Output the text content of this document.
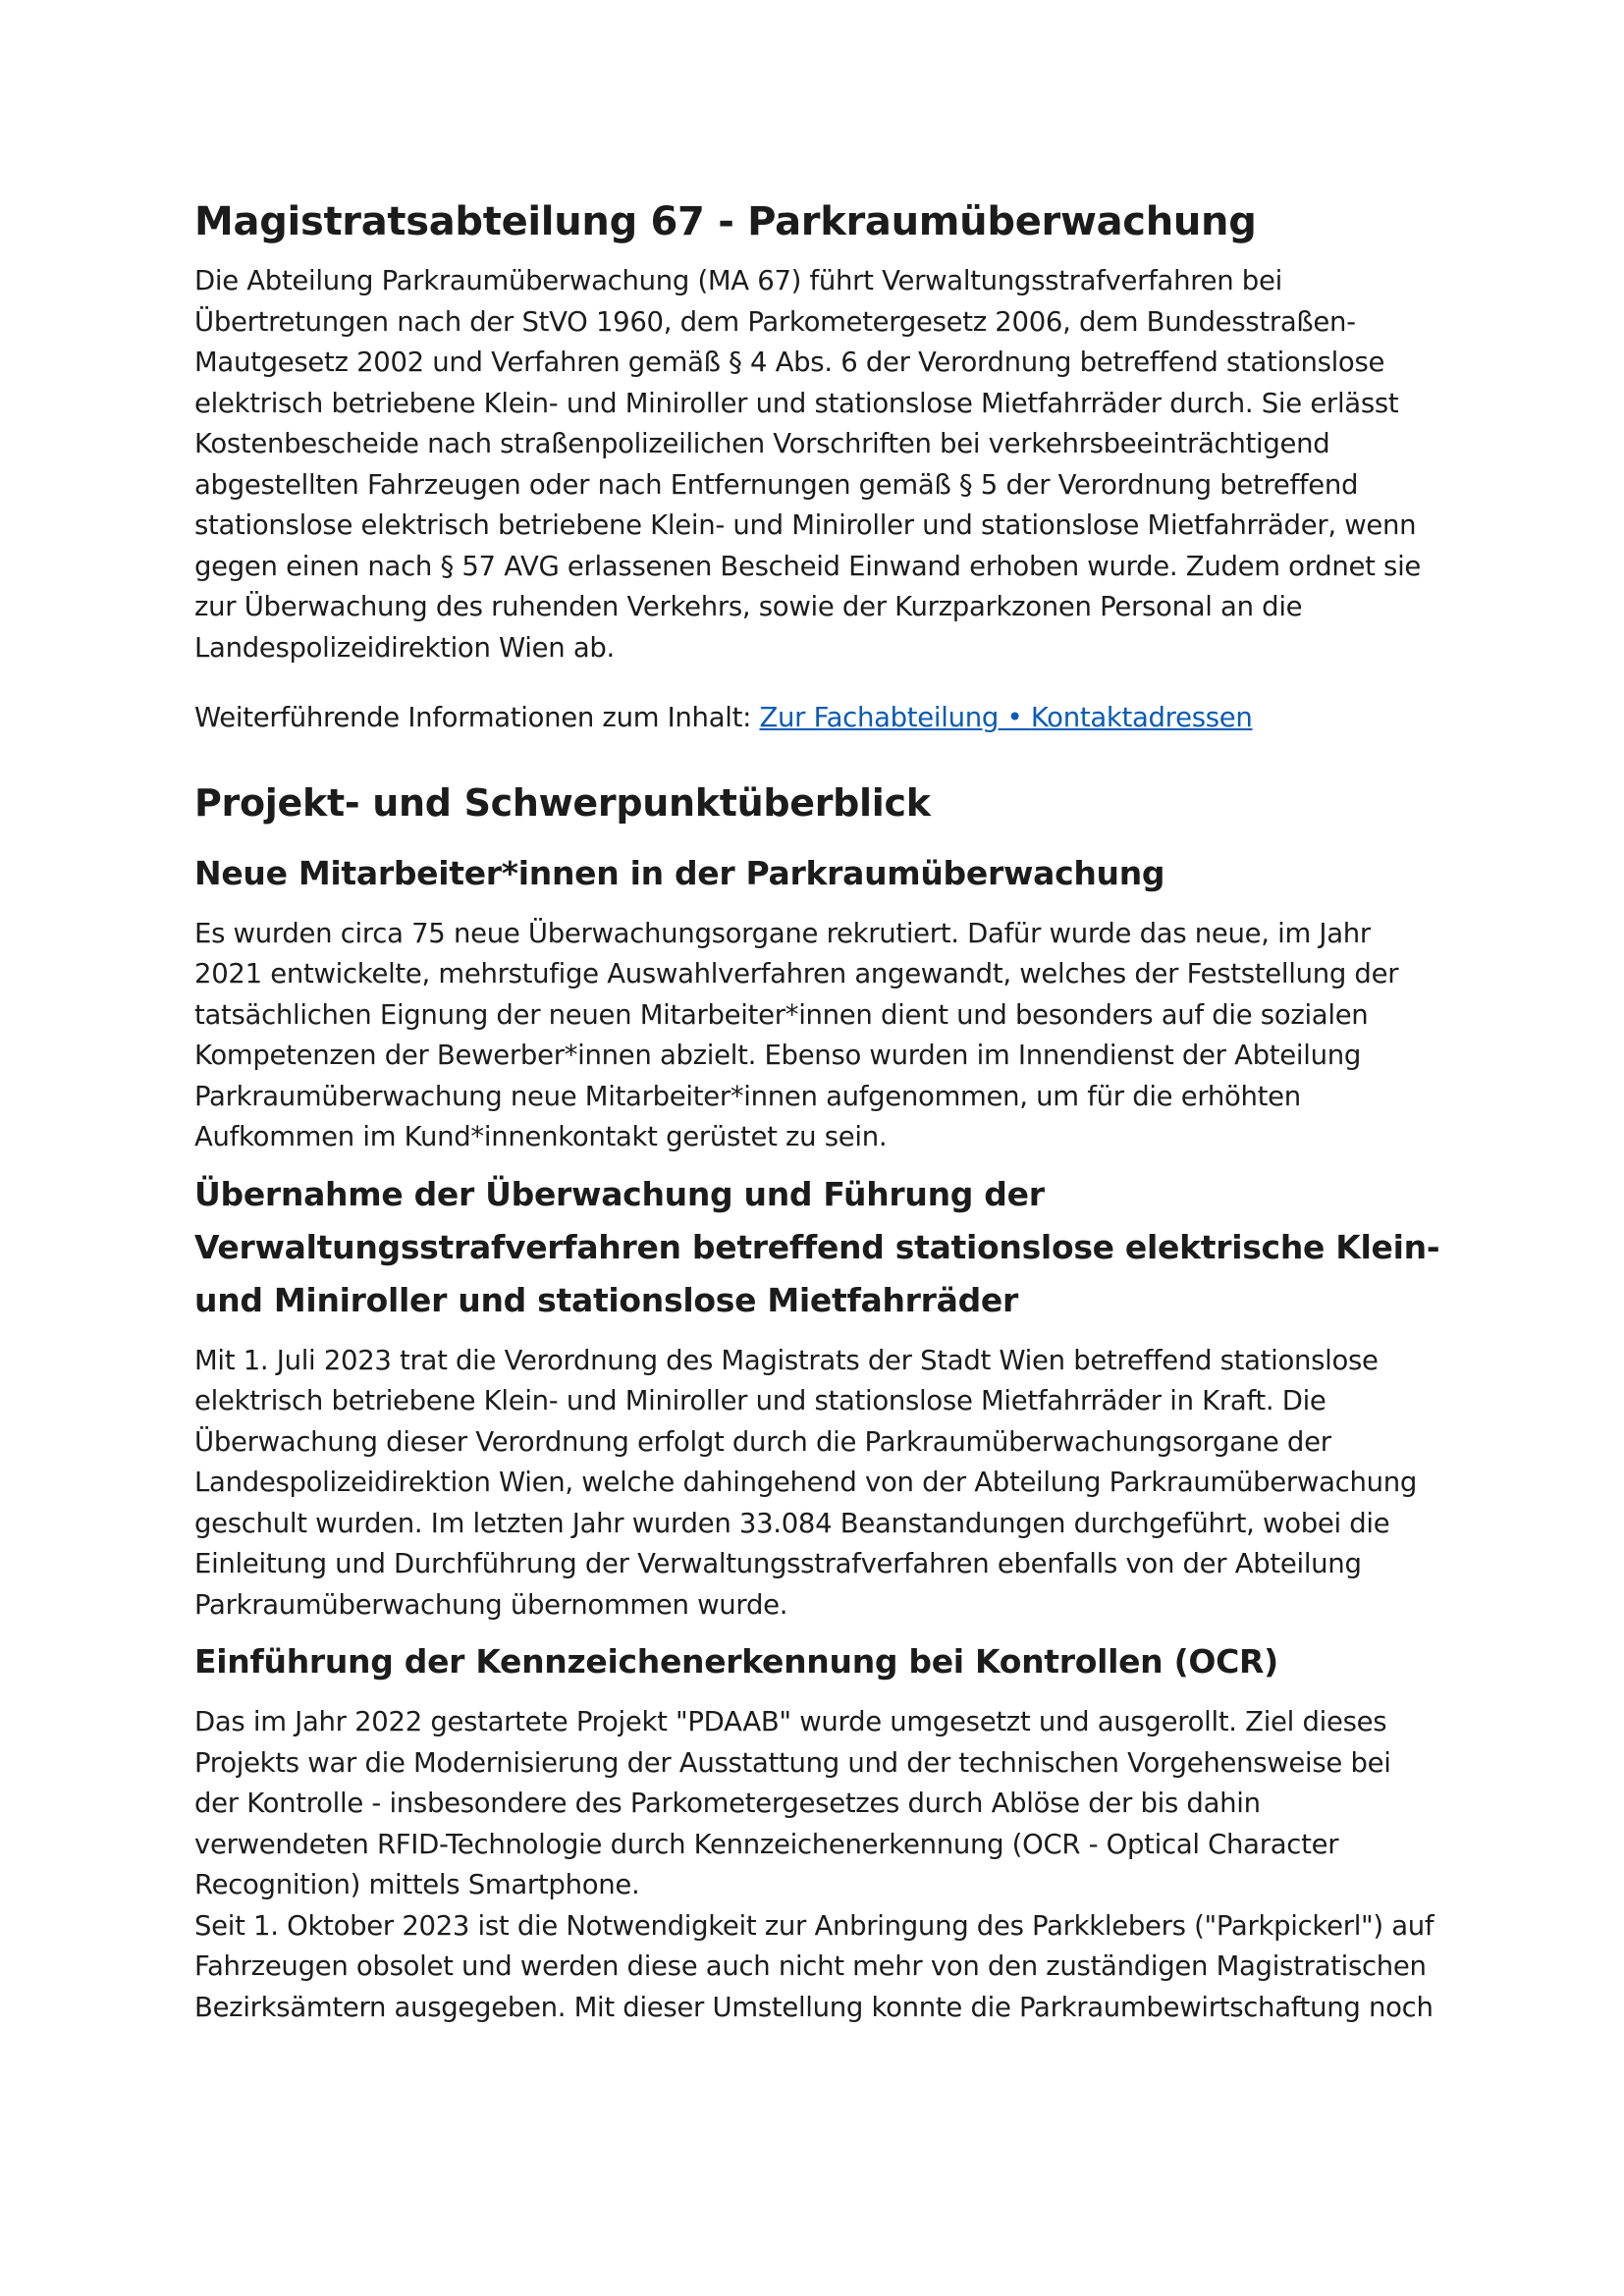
Magistratsabteilung 67 - Parkraumüberwachung

Die Abteilung Parkraumüberwachung (MA 67) führt Verwaltungsstrafverfahren bei Übertretungen nach der StVO 1960, dem Parkometergesetz 2006, dem Bundesstraßen-Mautgesetz 2002 und Verfahren gemäß § 4 Abs. 6 der Verordnung betreffend stationslose elektrisch betriebene Klein- und Miniroller und stationslose Mietfahrräder durch. Sie erlässt Kostenbescheide nach straßenpolizeilichen Vorschriften bei verkehrsbeeinträchtigend abgestellten Fahrzeugen oder nach Entfernungen gemäß § 5 der Verordnung betreffend stationslose elektrisch betriebene Klein- und Miniroller und stationslose Mietfahrräder, wenn gegen einen nach § 57 AVG erlassenen Bescheid Einwand erhoben wurde. Zudem ordnet sie zur Überwachung des ruhenden Verkehrs, sowie der Kurzparkzonen Personal an die Landespolizeidirektion Wien ab.

Weiterführende Informationen zum Inhalt: Zur Fachabteilung • Kontaktadressen

Projekt- und Schwerpunktüberblick
Neue Mitarbeiter*innen in der Parkraumüberwachung

Es wurden circa 75 neue Überwachungsorgane rekrutiert. Dafür wurde das neue, im Jahr 2021 entwickelte, mehrstufige Auswahlverfahren angewandt, welches der Feststellung der tatsächlichen Eignung der neuen Mitarbeiter*innen dient und besonders auf die sozialen Kompetenzen der Bewerber*innen abzielt. Ebenso wurden im Innendienst der Abteilung Parkraumüberwachung neue Mitarbeiter*innen aufgenommen, um für die erhöhten Aufkommen im Kund*innenkontakt gerüstet zu sein.

Übernahme der Überwachung und Führung der Verwaltungsstrafverfahren betreffend stationslose elektrische Klein- und Miniroller und stationslose Mietfahrräder

Mit 1. Juli 2023 trat die Verordnung des Magistrats der Stadt Wien betreffend stationslose elektrisch betriebene Klein- und Miniroller und stationslose Mietfahrräder in Kraft. Die Überwachung dieser Verordnung erfolgt durch die Parkraumüberwachungsorgane der Landespolizeidirektion Wien, welche dahingehend von der Abteilung Parkraumüberwachung geschult wurden. Im letzten Jahr wurden 33.084 Beanstandungen durchgeführt, wobei die Einleitung und Durchführung der Verwaltungsstrafverfahren ebenfalls von der Abteilung Parkraumüberwachung übernommen wurde.

Einführung der Kennzeichenerkennung bei Kontrollen (OCR)

Das im Jahr 2022 gestartete Projekt "PDAAB" wurde umgesetzt und ausgerollt. Ziel dieses Projekts war die Modernisierung der Ausstattung und der technischen Vorgehensweise bei der Kontrolle - insbesondere des Parkometergesetzes durch Ablöse der bis dahin verwendeten RFID-Technologie durch Kennzeichenerkennung (OCR - Optical Character Recognition) mittels Smartphone.

Seit 1. Oktober 2023 ist die Notwendigkeit zur Anbringung des Parkklebers ("Parkpickerl") auf Fahrzeugen obsolet und werden diese auch nicht mehr von den zuständigen Magistratischen Bezirksämtern ausgegeben. Mit dieser Umstellung konnte die Parkraumbewirtschaftung noch
